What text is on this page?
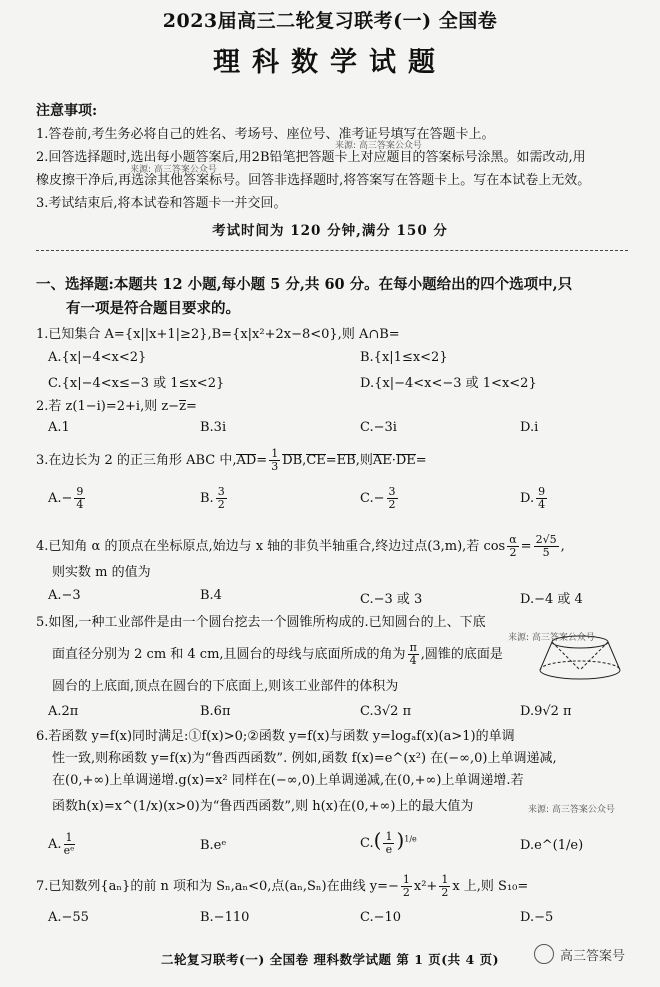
2023届高三二轮复习联考(一) 全国卷
理科数学试题
注意事项:
1.答卷前,考生务必将自己的姓名、考场号、座位号、准考证号填写在答题卡上。
来源: 高三答案公众号
2.回答选择题时,选出每小题答案后,用2B铅笔把答题卡上对应题目的答案标号涂黑。如需改动,用
来源: 高三答案公众号
橡皮擦干净后,再选涂其他答案标号。回答非选择题时,将答案写在答题卡上。写在本试卷上无效。
3.考试结束后,将本试卷和答题卡一并交回。
考试时间为 120 分钟,满分 150 分
一、选择题:本题共 12 小题,每小题 5 分,共 60 分。在每小题给出的四个选项中,只
有一项是符合题目要求的。
1.已知集合 A={x||x+1|≥2},B={x|x²+2x−8<0},则 A∩B=
A.{x|−4<x<2}	B.{x|1≤x<2}
C.{x|−4<x≤−3 或 1≤x<2}	D.{x|−4<x<−3 或 1<x<2}
2.若 z(1−i)=2+i,则 z−z=
A.1	B.3i	C.−3i	D.i
3.在边长为 2 的正三角形 ABC 中$,AD= \frac{1}{3} DB,CE=EB$,则AE·DE=
$A.- \frac{9}{4}$	B. $\frac{3}{2}$	$C.- \frac{3}{2}$	D. $\frac{9}{4}$
4.已知角 α 的顶点在坐标原点,始边与 x 轴的非负半轴重合,终边过点(3,m),若 $\cos \frac{\alpha}{2} = \frac{2√5}{5}$ ,
则实数 m 的值为
A.−3	B.4	C.−3 或 3	D.−4 或 4
5.如图,一种工业部件是由一个圆台挖去一个圆锥所构成的.已知圆台的上、下底
来源: 高三答案公众号
面直径分别为 2 cm 和 4 cm,且圆台的母线与底面所成的角为 $\frac{\pi}{4}$ ,圆锥的底面是
圆台的上底面,顶点在圆台的下底面上,则该工业部件的体积为
A.2π	B.6π	C.3√2 π	D.9√2 π
6.若函数 y=f(x)同时满足:①f(x)>0;②函数 y=f(x)与函数 y=logₐf(x)(a>1)的单调
性一致,则称函数 y=f(x)为“鲁西西函数”. 例如,函数 f(x)=e^(x²) 在(−∞,0)上单调递减,
在(0,+∞)上单调递增.g(x)=x² 同样在(−∞,0)上单调递减,在(0,+∞)上单调递增.若
函数h(x)=x^(1/x)(x>0)为“鲁西西函数”,则 h(x)在(0,+∞)上的最大值为	来源: 高三答案公众号
A. $\frac{1}{\text{eᵉ}}$	B.eᵉ	$C.( \frac{1}{e} )^{1/e}$	D.e^(1/e)
7.已知数列{aₙ}的前 n 项和为 Sₙ,aₙ<0,点(aₙ,Sₙ)在曲线 $y=- \frac{1}{2} x^2+ \frac{1}{2}$ x 上,则 S₁₀=
A.−55	B.−110	C.−10	D.−5
二轮复习联考(一) 全国卷 理科数学试题 第 1 页(共 4 页)	高三答案号
